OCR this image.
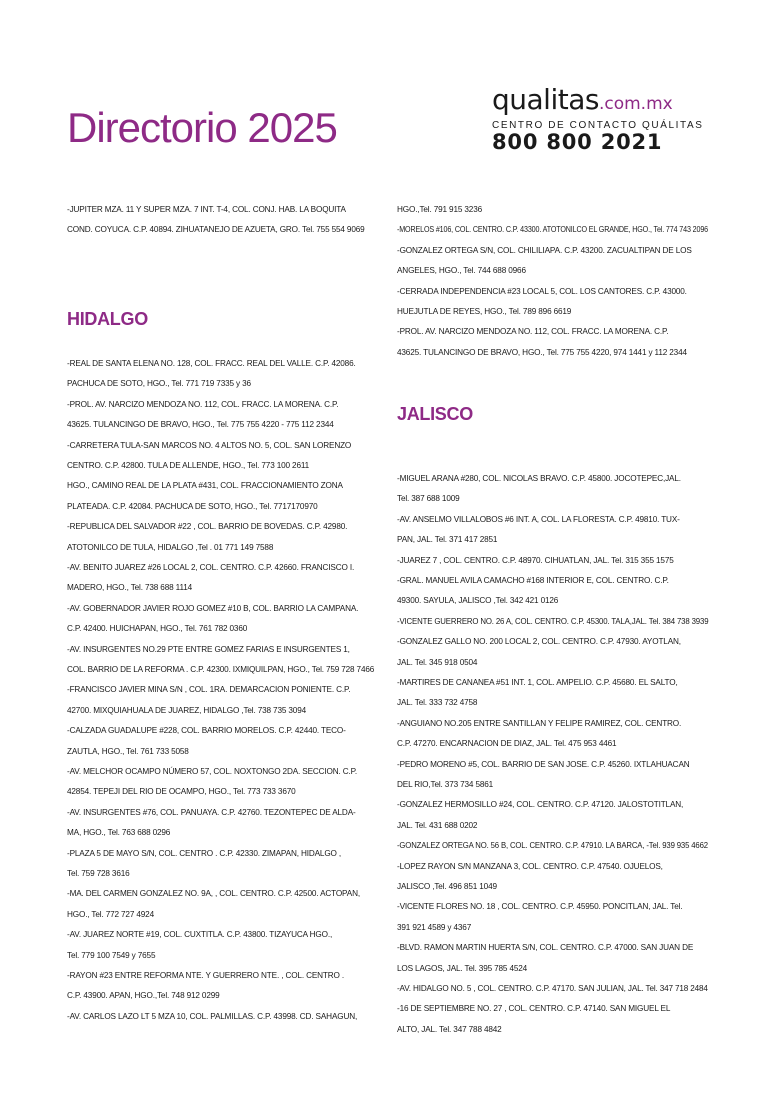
Directorio 2025
qualitas.com.mx
CENTRO DE CONTACTO QUÁLITAS
800 800 2021
-JUPITER MZA. 11 Y SUPER MZA. 7 INT. T-4, COL. CONJ. HAB. LA BOQUITA
COND. COYUCA. C.P. 40894. ZIHUATANEJO DE AZUETA, GRO. Tel. 755 554 9069
HIDALGO
-REAL DE SANTA ELENA NO. 128, COL. FRACC. REAL DEL VALLE. C.P. 42086.
PACHUCA DE SOTO, HGO., Tel. 771 719 7335 y 36
-PROL. AV. NARCIZO MENDOZA NO. 112, COL. FRACC. LA MORENA. C.P.
43625. TULANCINGO DE BRAVO, HGO., Tel. 775 755 4220 - 775 112 2344
-CARRETERA TULA-SAN MARCOS NO. 4 ALTOS NO. 5, COL. SAN LORENZO
CENTRO. C.P. 42800. TULA DE ALLENDE, HGO., Tel. 773 100 2611
HGO., CAMINO REAL DE LA PLATA #431, COL. FRACCIONAMIENTO ZONA
PLATEADA. C.P. 42084. PACHUCA DE SOTO, HGO., Tel. 7717170970
-REPUBLICA DEL SALVADOR #22 , COL. BARRIO DE BOVEDAS. C.P. 42980.
ATOTONILCO DE TULA, HIDALGO ,Tel . 01 771 149 7588
-AV. BENITO JUAREZ #26 LOCAL 2, COL. CENTRO. C.P. 42660. FRANCISCO I.
MADERO, HGO., Tel. 738 688 1114
-AV. GOBERNADOR JAVIER ROJO GOMEZ #10 B, COL. BARRIO LA CAMPANA.
C.P. 42400. HUICHAPAN, HGO., Tel. 761 782 0360
-AV. INSURGENTES NO.29 PTE ENTRE GOMEZ FARIAS E INSURGENTES 1,
COL. BARRIO DE LA REFORMA . C.P. 42300. IXMIQUILPAN, HGO., Tel. 759 728 7466
-FRANCISCO JAVIER MINA S/N , COL. 1RA. DEMARCACION PONIENTE. C.P.
42700. MIXQUIAHUALA DE JUAREZ, HIDALGO ,Tel. 738 735 3094
-CALZADA GUADALUPE #228, COL. BARRIO MORELOS. C.P. 42440. TECO-
ZAUTLA, HGO., Tel. 761 733 5058
-AV. MELCHOR OCAMPO NÚMERO 57, COL. NOXTONGO 2DA. SECCION. C.P.
42854. TEPEJI DEL RIO DE OCAMPO, HGO., Tel. 773 733 3670
-AV. INSURGENTES #76, COL. PANUAYA. C.P. 42760. TEZONTEPEC DE ALDA-
MA, HGO., Tel. 763 688 0296
-PLAZA 5 DE MAYO S/N, COL. CENTRO . C.P. 42330. ZIMAPAN, HIDALGO ,
Tel. 759 728 3616
-MA. DEL CARMEN GONZALEZ NO. 9A, , COL. CENTRO. C.P. 42500. ACTOPAN,
HGO., Tel. 772 727 4924
-AV. JUAREZ NORTE #19, COL. CUXTITLA. C.P. 43800. TIZAYUCA HGO.,
Tel. 779 100 7549 y 7655
-RAYON #23 ENTRE REFORMA NTE. Y GUERRERO NTE. , COL. CENTRO .
C.P. 43900. APAN, HGO.,Tel. 748 912 0299
-AV. CARLOS LAZO LT 5 MZA 10, COL. PALMILLAS. C.P. 43998. CD. SAHAGUN,
HGO.,Tel. 791 915 3236
-MORELOS #106, COL. CENTRO. C.P. 43300. ATOTONILCO EL GRANDE, HGO., Tel. 774 743 2096
-GONZALEZ ORTEGA S/N, COL. CHILILIAPA. C.P. 43200. ZACUALTIPAN DE LOS
ANGELES, HGO., Tel. 744 688 0966
-CERRADA INDEPENDENCIA #23 LOCAL 5, COL. LOS CANTORES. C.P. 43000.
HUEJUTLA DE REYES, HGO., Tel. 789 896 6619
-PROL. AV. NARCIZO MENDOZA NO. 112, COL. FRACC. LA MORENA. C.P.
43625. TULANCINGO DE BRAVO, HGO., Tel. 775 755 4220, 974 1441 y 112 2344
JALISCO
-MIGUEL ARANA #280, COL. NICOLAS BRAVO. C.P. 45800. JOCOTEPEC,JAL.
Tel. 387 688 1009
-AV. ANSELMO VILLALOBOS #6 INT. A, COL. LA FLORESTA. C.P. 49810. TUX-
PAN, JAL. Tel. 371 417 2851
-JUAREZ 7 , COL. CENTRO. C.P. 48970. CIHUATLAN, JAL. Tel. 315 355 1575
-GRAL. MANUEL AVILA CAMACHO #168 INTERIOR E, COL. CENTRO. C.P.
49300. SAYULA, JALISCO ,Tel. 342 421 0126
-VICENTE GUERRERO NO. 26 A, COL. CENTRO. C.P. 45300. TALA,JAL. Tel. 384 738 3939
-GONZALEZ GALLO NO. 200 LOCAL 2, COL. CENTRO. C.P. 47930. AYOTLAN,
JAL. Tel. 345 918 0504
-MARTIRES DE CANANEA #51 INT. 1, COL. AMPELIO. C.P. 45680. EL SALTO,
JAL. Tel. 333 732 4758
-ANGUIANO NO.205 ENTRE SANTILLAN Y FELIPE RAMIREZ, COL. CENTRO.
C.P. 47270. ENCARNACION DE DIAZ, JAL. Tel. 475 953 4461
-PEDRO MORENO #5, COL. BARRIO DE SAN JOSE. C.P. 45260. IXTLAHUACAN
DEL RIO,Tel. 373 734 5861
-GONZALEZ HERMOSILLO #24, COL. CENTRO. C.P. 47120. JALOSTOTITLAN,
JAL. Tel. 431 688 0202
-GONZALEZ ORTEGA NO. 56 B, COL. CENTRO. C.P. 47910. LA BARCA, -Tel. 939 935 4662
-LOPEZ RAYON S/N MANZANA 3, COL. CENTRO. C.P. 47540. OJUELOS,
JALISCO ,Tel. 496 851 1049
-VICENTE FLORES NO. 18 , COL. CENTRO. C.P. 45950. PONCITLAN, JAL. Tel.
391 921 4589 y 4367
-BLVD. RAMON MARTIN HUERTA S/N, COL. CENTRO. C.P. 47000. SAN JUAN DE
LOS LAGOS, JAL. Tel. 395 785 4524
-AV. HIDALGO NO. 5 , COL. CENTRO. C.P. 47170. SAN JULIAN, JAL. Tel. 347 718 2484
-16 DE SEPTIEMBRE NO. 27 , COL. CENTRO. C.P. 47140. SAN MIGUEL EL
ALTO, JAL. Tel. 347 788 4842
